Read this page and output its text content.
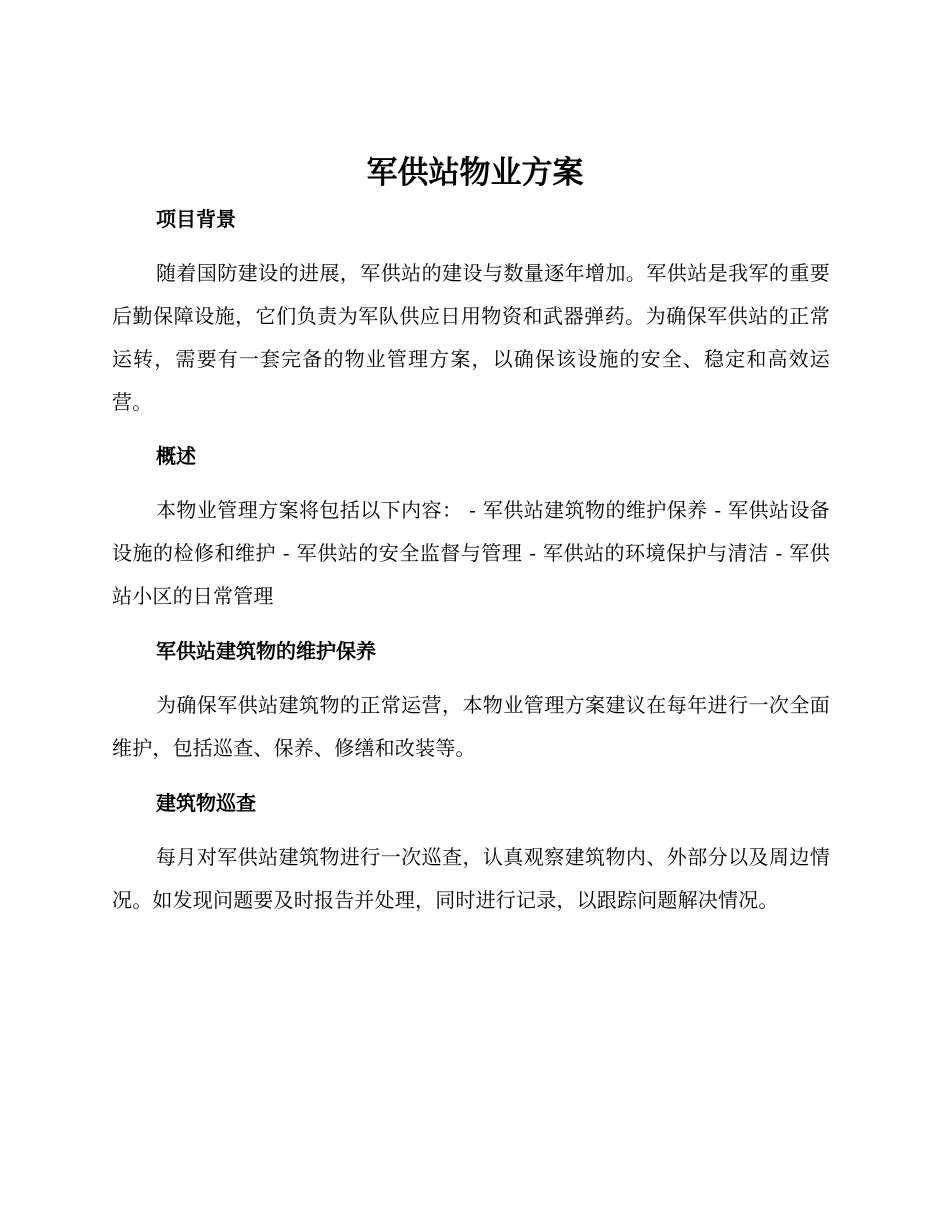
军供站物业方案
项目背景

随着国防建设的进展，军供站的建设与数量逐年增加。军供站是我军的重要后勤保障设施，它们负责为军队供应日用物资和武器弹药。为确保军供站的正常运转，需要有一套完备的物业管理方案，以确保该设施的安全、稳定和高效运营。

概述

本物业管理方案将包括以下内容： - 军供站建筑物的维护保养 - 军供站设备设施的检修和维护 - 军供站的安全监督与管理 - 军供站的环境保护与清洁 - 军供站小区的日常管理

军供站建筑物的维护保养

为确保军供站建筑物的正常运营，本物业管理方案建议在每年进行一次全面维护，包括巡查、保养、修缮和改装等。

建筑物巡查

每月对军供站建筑物进行一次巡查，认真观察建筑物内、外部分以及周边情况。如发现问题要及时报告并处理，同时进行记录，以跟踪问题解决情况。
